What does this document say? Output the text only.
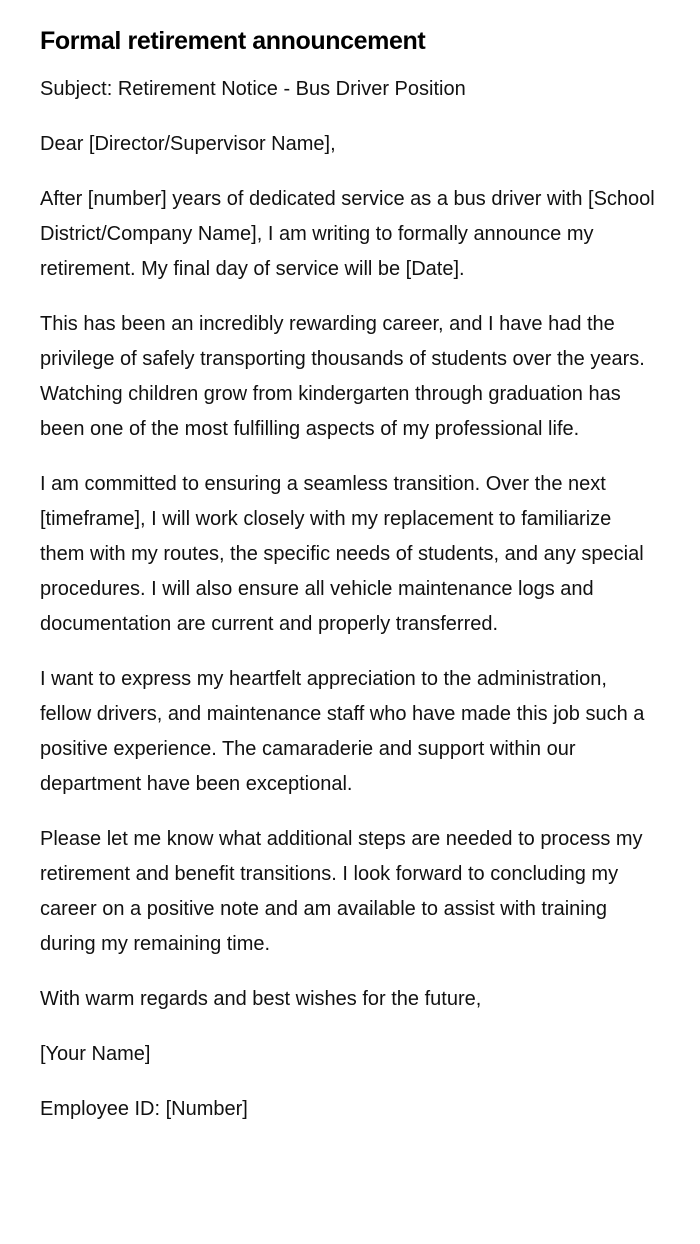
Formal retirement announcement

Subject: Retirement Notice - Bus Driver Position

Dear [Director/Supervisor Name],

After [number] years of dedicated service as a bus driver with [School District/Company Name], I am writing to formally announce my retirement. My final day of service will be [Date].

This has been an incredibly rewarding career, and I have had the privilege of safely transporting thousands of students over the years. Watching children grow from kindergarten through graduation has been one of the most fulfilling aspects of my professional life.

I am committed to ensuring a seamless transition. Over the next [timeframe], I will work closely with my replacement to familiarize them with my routes, the specific needs of students, and any special procedures. I will also ensure all vehicle maintenance logs and documentation are current and properly transferred.

I want to express my heartfelt appreciation to the administration, fellow drivers, and maintenance staff who have made this job such a positive experience. The camaraderie and support within our department have been exceptional.

Please let me know what additional steps are needed to process my retirement and benefit transitions. I look forward to concluding my career on a positive note and am available to assist with training during my remaining time.

With warm regards and best wishes for the future,

[Your Name]

Employee ID: [Number]
